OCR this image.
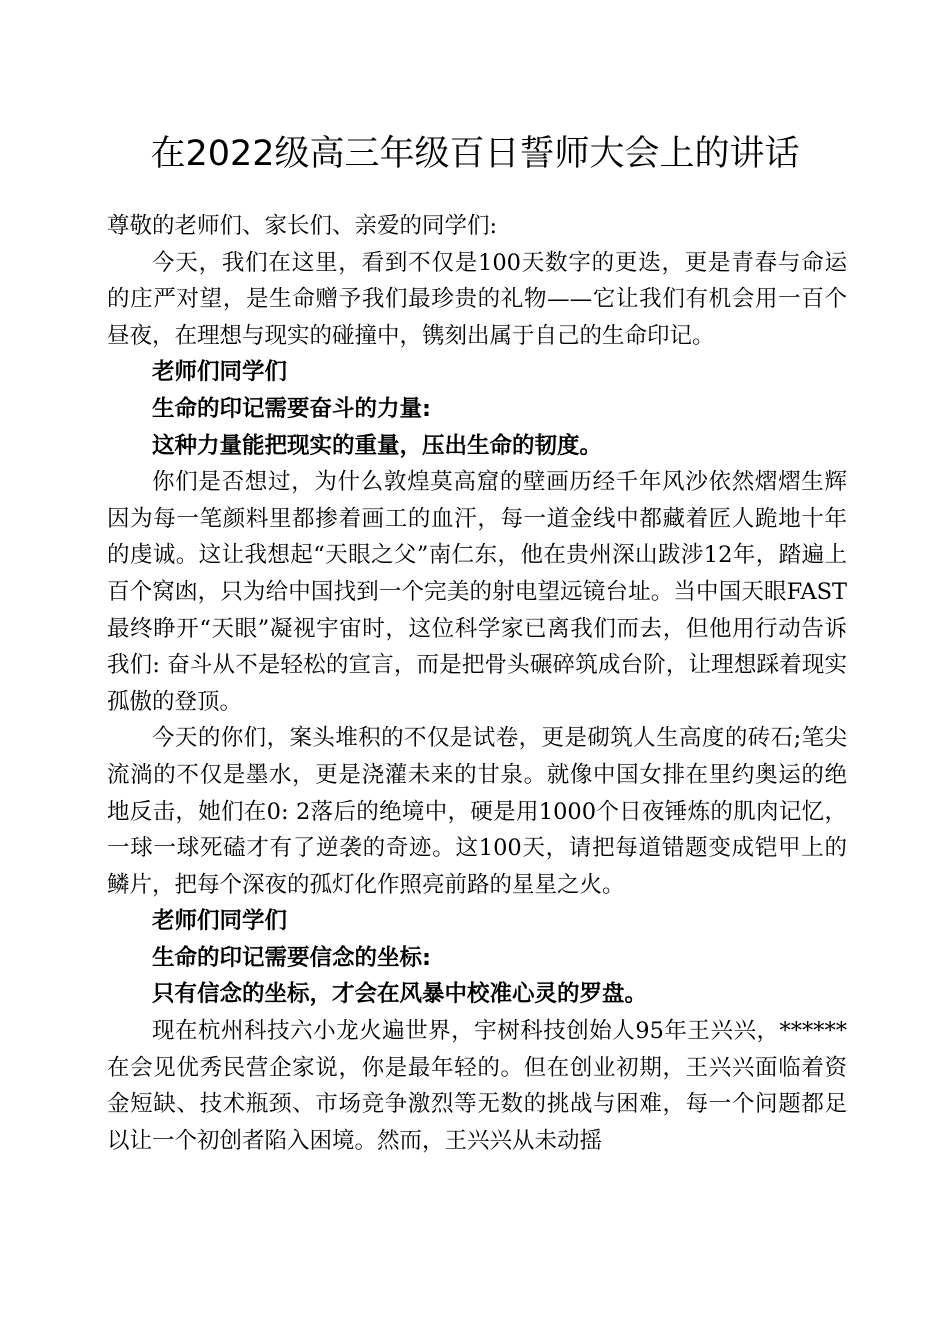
在2022级高三年级百日誓师大会上的讲话

尊敬的老师们、家长们、亲爱的同学们:

今天，我们在这里，看到不仅是100天数字的更迭，更是青春与命运的庄严对望，是生命赠予我们最珍贵的礼物——它让我们有机会用一百个昼夜，在理想与现实的碰撞中，镌刻出属于自己的生命印记。

老师们同学们

生命的印记需要奋斗的力量:

这种力量能把现实的重量，压出生命的韧度。

你们是否想过，为什么敦煌莫高窟的壁画历经千年风沙依然熠熠生辉因为每一笔颜料里都掺着画工的血汗，每一道金线中都藏着匠人跪地十年的虔诚。这让我想起“天眼之父”南仁东，他在贵州深山跋涉12年，踏遍上百个窝凼，只为给中国找到一个完美的射电望远镜台址。当中国天眼FAST最终睁开“天眼”凝视宇宙时，这位科学家已离我们而去，但他用行动告诉我们: 奋斗从不是轻松的宣言，而是把骨头碾碎筑成台阶，让理想踩着现实孤傲的登顶。

今天的你们，案头堆积的不仅是试卷，更是砌筑人生高度的砖石;笔尖流淌的不仅是墨水，更是浇灌未来的甘泉。就像中国女排在里约奥运的绝地反击，她们在0: 2落后的绝境中，硬是用1000个日夜锤炼的肌肉记忆，一球一球死磕才有了逆袭的奇迹。这100天，请把每道错题变成铠甲上的鳞片，把每个深夜的孤灯化作照亮前路的星星之火。

老师们同学们

生命的印记需要信念的坐标:

只有信念的坐标，才会在风暴中校准心灵的罗盘。

现在杭州科技六小龙火遍世界，宇树科技创始人95年王兴兴，******在会见优秀民营企家说，你是最年轻的。但在创业初期，王兴兴面临着资金短缺、技术瓶颈、市场竞争激烈等无数的挑战与困难，每一个问题都足以让一个初创者陷入困境。然而，王兴兴从未动摇
